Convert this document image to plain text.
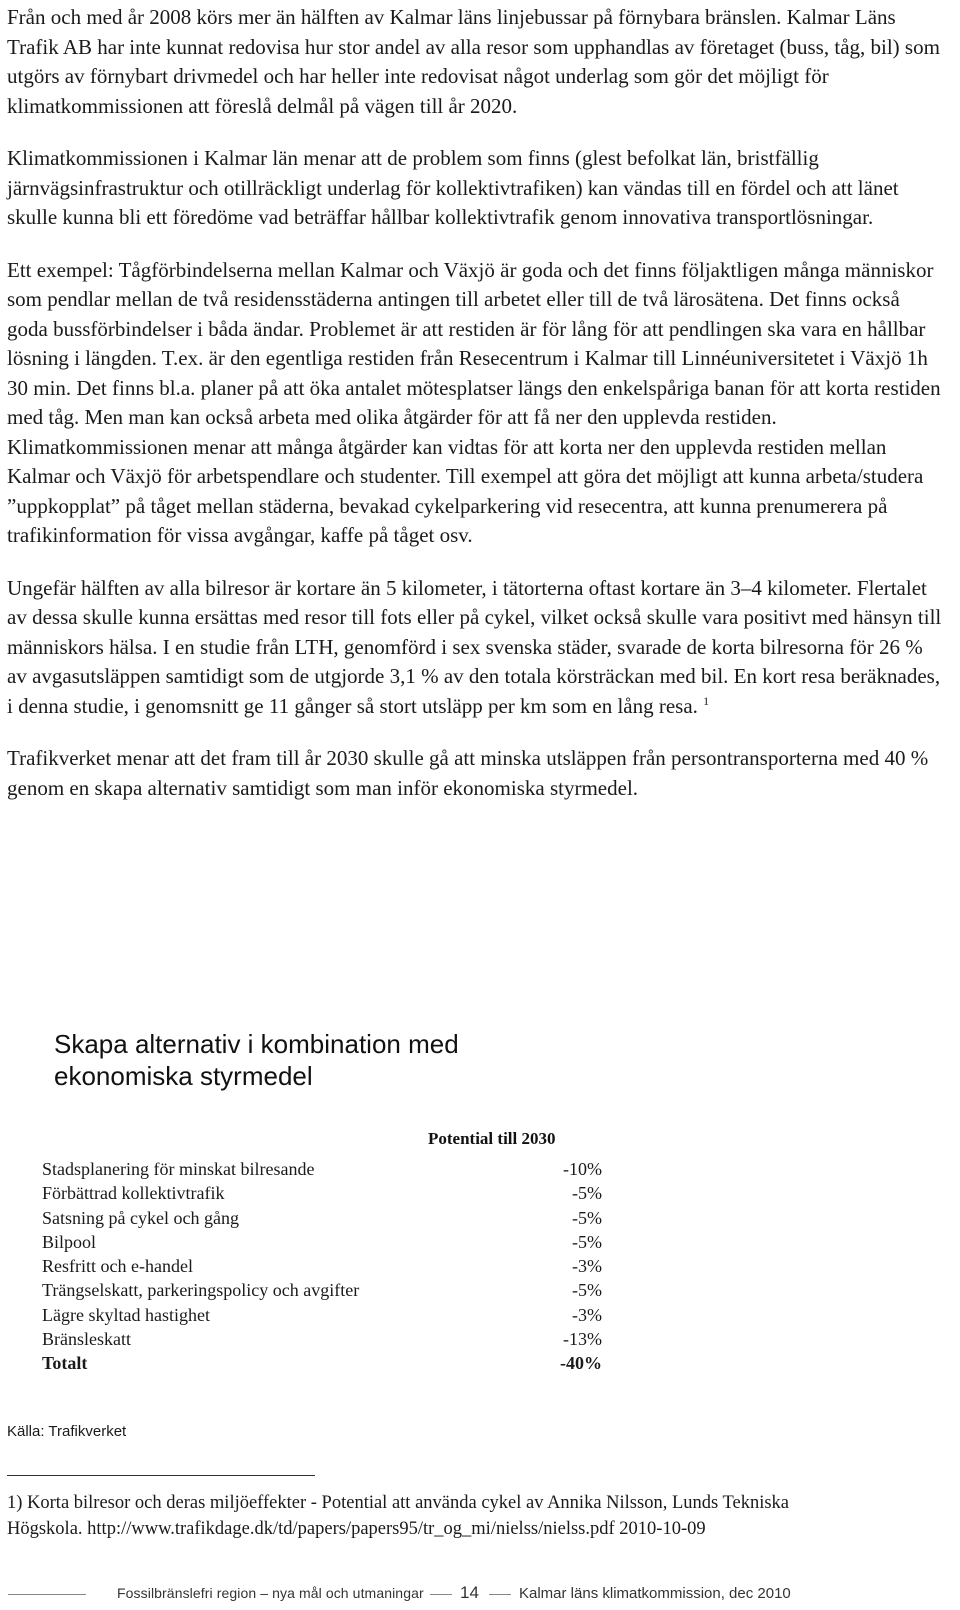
Från och med år 2008 körs mer än hälften av Kalmar läns linjebussar på förnybara bränslen. Kalmar Läns Trafik AB har inte kunnat redovisa hur stor andel av alla resor som upphandlas av företaget (buss, tåg, bil) som utgörs av förnybart drivmedel och har heller inte redovisat något underlag som gör det möjligt för klimatkommissionen att föreslå delmål på vägen till år 2020.

Klimatkommissionen i Kalmar län menar att de problem som finns (glest befolkat län, bristfällig järnvägsinfrastruktur och otillräckligt underlag för kollektivtrafiken) kan vändas till en fördel och att länet skulle kunna bli ett föredöme vad beträffar hållbar kollektivtrafik genom innovativa transportlösningar.

Ett exempel: Tågförbindelserna mellan Kalmar och Växjö är goda och det finns följaktligen många människor som pendlar mellan de två residensstäderna antingen till arbetet eller till de två lärosätena. Det finns också goda bussförbindelser i båda ändar. Problemet är att restiden är för lång för att pendlingen ska vara en hållbar lösning i längden. T.ex. är den egentliga restiden från Resecentrum i Kalmar till Linnéuniversitetet i Växjö 1h 30 min. Det finns bl.a. planer på att öka antalet mötesplatser längs den enkelspåriga banan för att korta restiden med tåg. Men man kan också arbeta med olika åtgärder för att få ner den upplevda restiden. Klimatkommissionen menar att många åtgärder kan vidtas för att korta ner den upplevda restiden mellan Kalmar och Växjö för arbetspendlare och studenter. Till exempel att göra det möjligt att kunna arbeta/studera ”uppkopplat” på tåget mellan städerna, bevakad cykelparkering vid resecentra, att kunna prenumerera på trafikinformation för vissa avgångar, kaffe på tåget osv.

Ungefär hälften av alla bilresor är kortare än 5 kilometer, i tätorterna oftast kortare än 3–4 kilometer. Flertalet av dessa skulle kunna ersättas med resor till fots eller på cykel, vilket också skulle vara positivt med hänsyn till människors hälsa. I en studie från LTH, genomförd i sex svenska städer, svarade de korta bilresorna för 26 % av avgasutsläppen samtidigt som de utgjorde 3,1 % av den totala körsträckan med bil. En kort resa beräknades, i denna studie, i genomsnitt ge 11 gånger så stort utsläpp per km som en lång resa. $^1$

Trafikverket menar att det fram till år 2030 skulle gå att minska utsläppen från persontransporterna med 40 % genom en skapa alternativ samtidigt som man inför ekonomiska styrmedel.

Skapa alternativ i kombination med
ekonomiska styrmedel
Potential till 2030
Stadsplanering för minskat bilresande	-10%
Förbättrad kollektivtrafik	-5%
Satsning på cykel och gång	-5%
Bilpool	-5%
Resfritt och e-handel	-3%
Trängselskatt, parkeringspolicy och avgifter	-5%
Lägre skyltad hastighet	-3%
Bränsleskatt	-13%
Totalt	-40%
Källa: Trafikverket
1) Korta bilresor och deras miljöeffekter - Potential att använda cykel av Annika Nilsson, Lunds Tekniska
Högskola. http://www.trafikdage.dk/td/papers/papers95/tr_og_mi/nielss/nielss.pdf 2010-10-09
Fossilbränslefri region – nya mål och utmaningar 14	Kalmar läns klimatkommission, dec 2010
